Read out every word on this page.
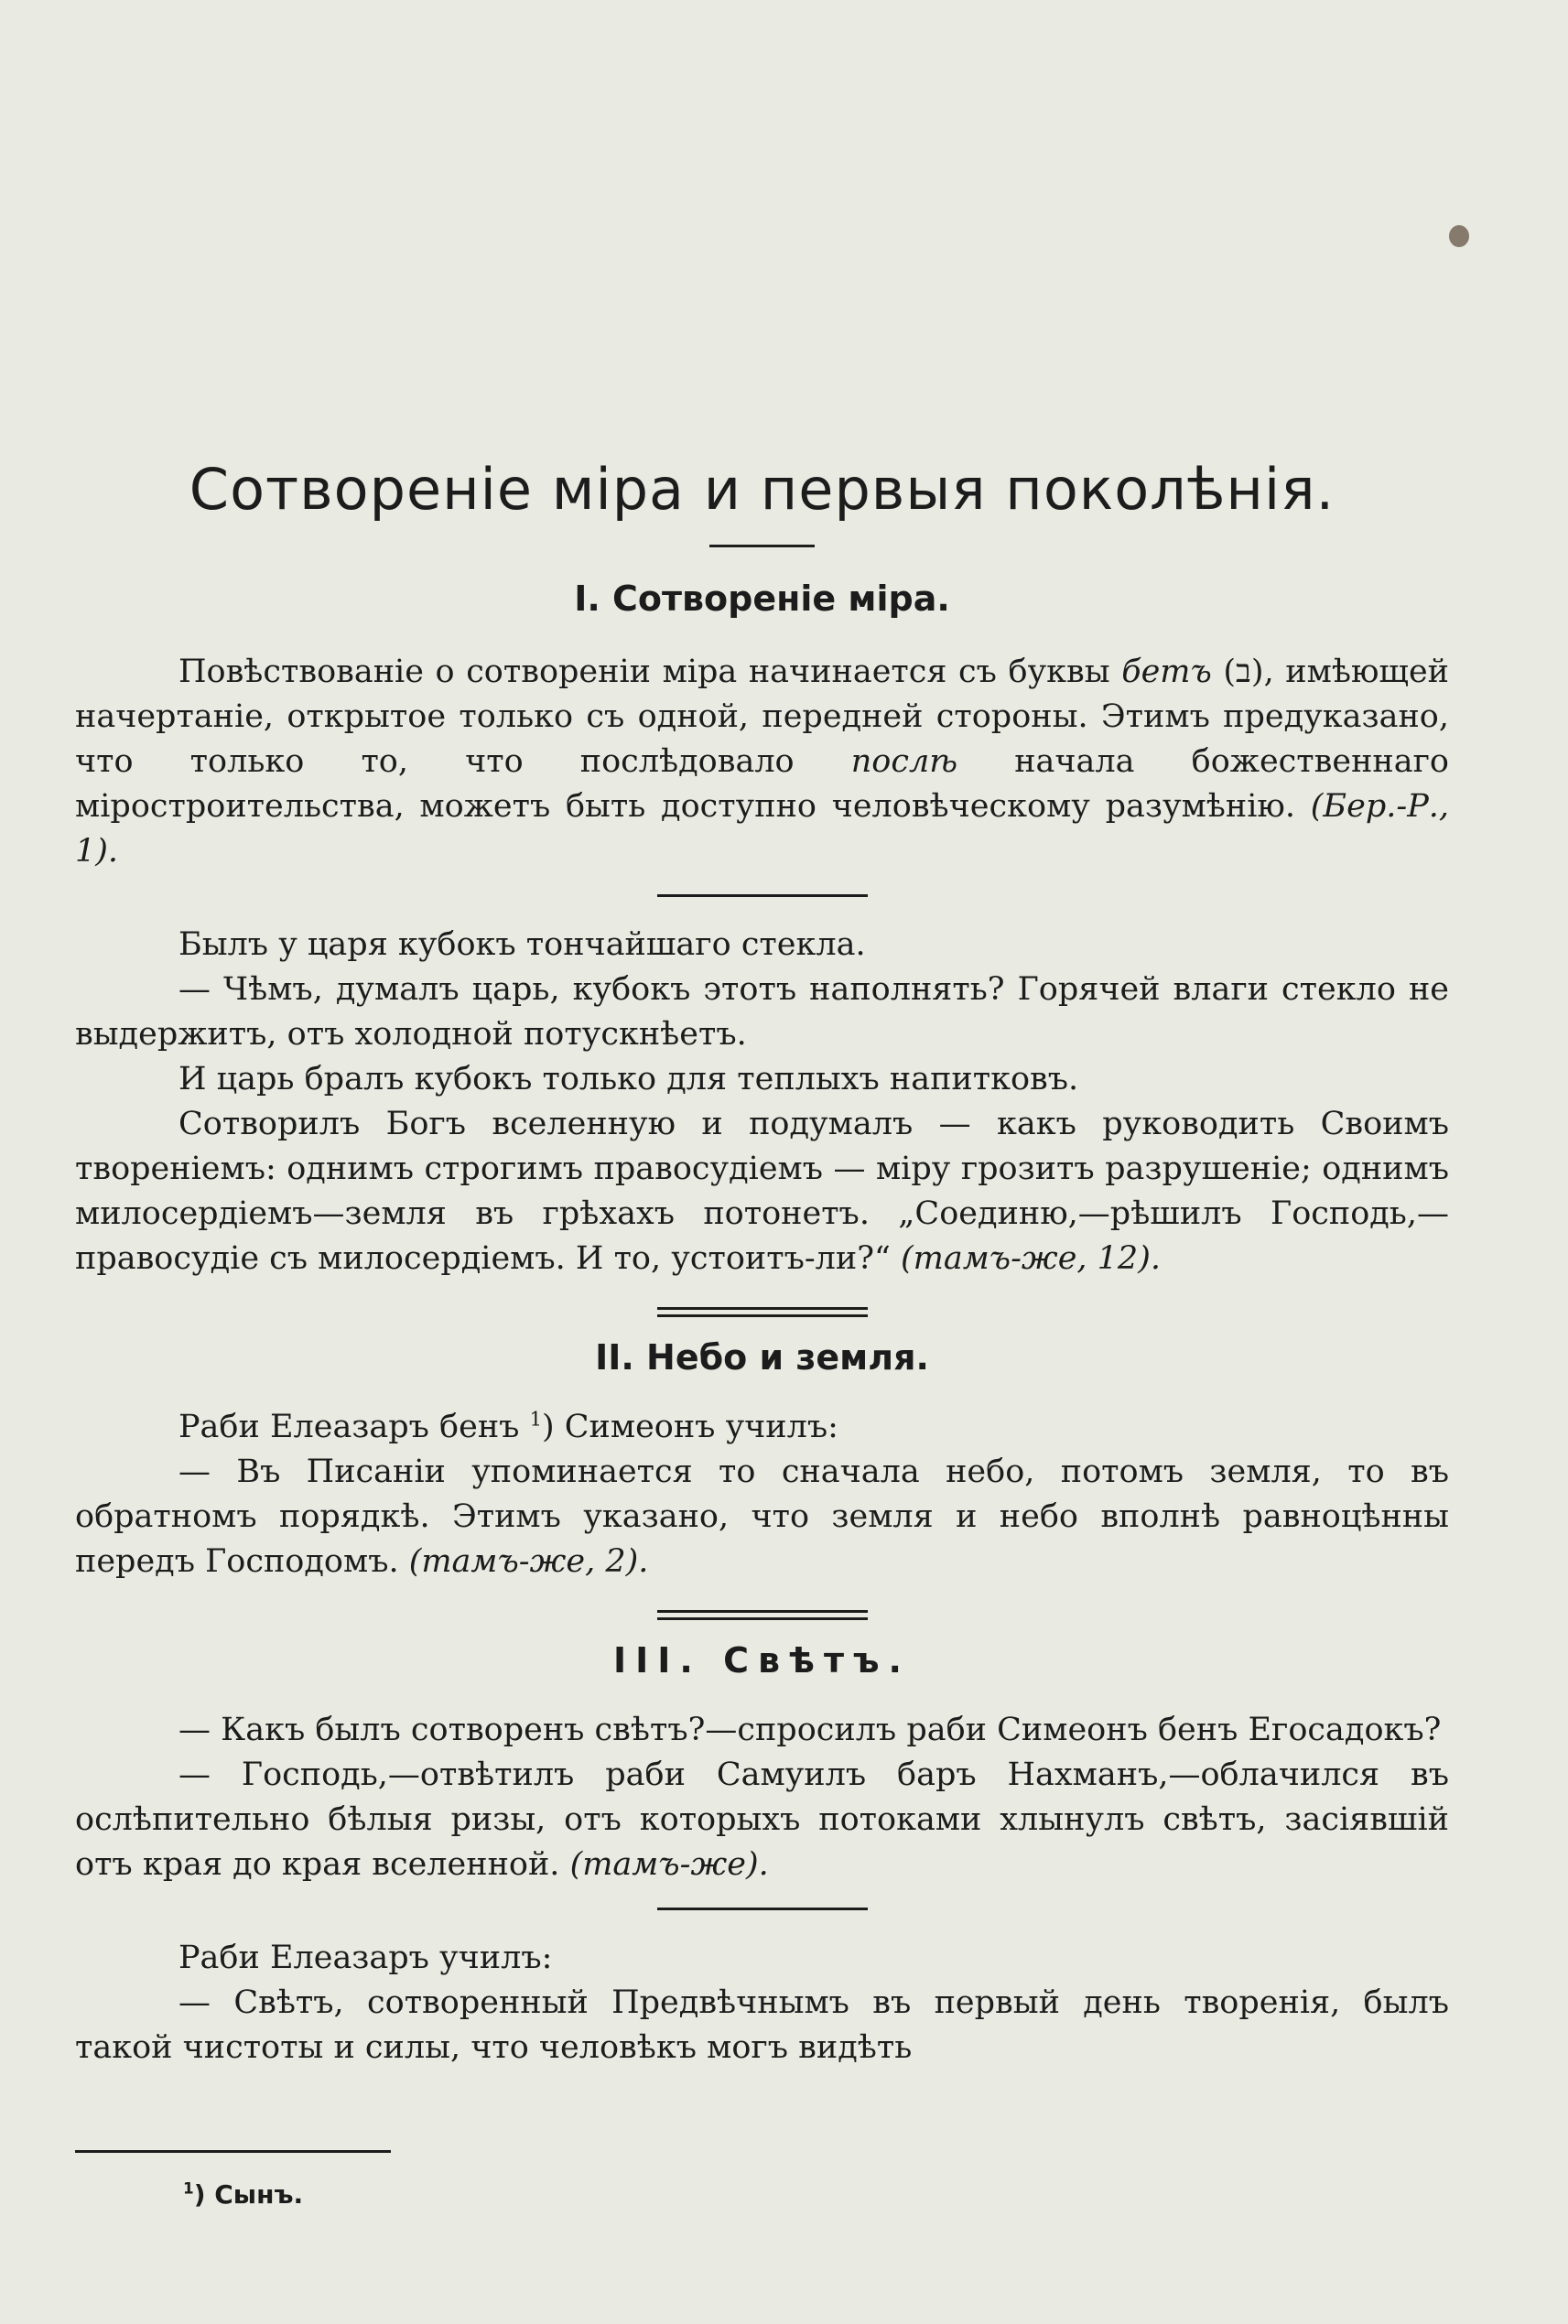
Сотвореніе міра и первыя поколѣнія.
I. Сотвореніе міра.

Повѣствованіе о сотвореніи міра начинается съ буквы бетъ (ב), имѣющей начертаніе, открытое только съ одной, передней стороны. Этимъ предуказано, что только то, что послѣдовало послѣ начала божественнаго міростроительства, можетъ быть доступно человѣческому разумѣнію. (Бер.-Р., 1).

Былъ у царя кубокъ тончайшаго стекла.

— Чѣмъ, думалъ царь, кубокъ этотъ наполнять? Горячей влаги стекло не выдержитъ, отъ холодной потускнѣетъ.

И царь бралъ кубокъ только для теплыхъ напитковъ.

Сотворилъ Богъ вселенную и подумалъ — какъ руководить Своимъ твореніемъ: однимъ строгимъ правосудіемъ — міру грозитъ разрушеніе; однимъ милосердіемъ—земля въ грѣхахъ потонетъ. „Соединю,—рѣшилъ Господь,—правосудіе съ милосердіемъ. И то, устоитъ-ли?“ (тамъ-же, 12).

II. Небо и земля.

Раби Елеазаръ бенъ $^1$) Симеонъ училъ:

— Въ Писаніи упоминается то сначала небо, потомъ земля, то въ обратномъ порядкѣ. Этимъ указано, что земля и небо вполнѣ равноцѣнны передъ Господомъ. (тамъ-же, 2).

III. Свѣтъ.

— Какъ былъ сотворенъ свѣтъ?—спросилъ раби Симеонъ бенъ Егосадокъ?

— Господь,—отвѣтилъ раби Самуилъ баръ Нахманъ,—облачился въ ослѣпительно бѣлыя ризы, отъ которыхъ потоками хлынулъ свѣтъ, засіявшій отъ края до края вселенной. (тамъ-же).

Раби Елеазаръ училъ:

— Свѣтъ, сотворенный Предвѣчнымъ въ первый день творенія, былъ такой чистоты и силы, что человѣкъ могъ видѣть

$^1$) Сынъ.
